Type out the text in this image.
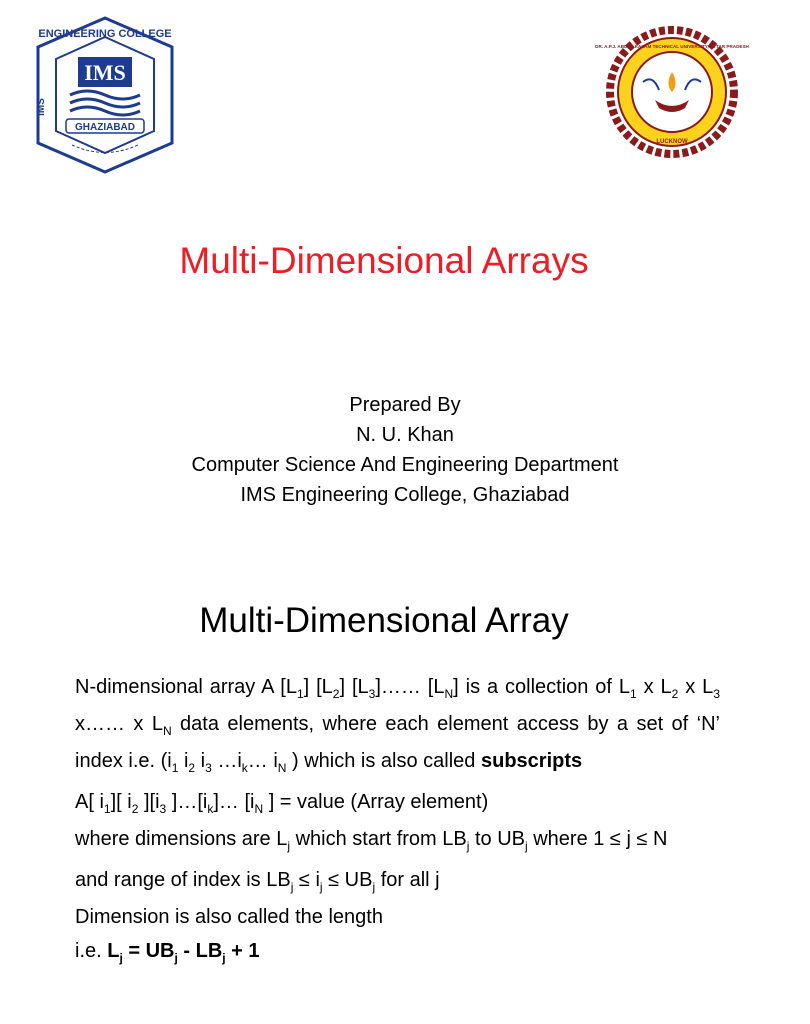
ENGINEERING COLLEGE
IMS
IMS
GHAZIABAD
DR. A.P.J. ABDUL KALAM TECHNICAL UNIVERSITY, UTTAR PRADESH
LUCKNOW
Multi-Dimensional Arrays
Prepared By
N. U. Khan
Computer Science And Engineering Department
IMS Engineering College, Ghaziabad
Multi-Dimensional Array

N-dimensional array A $[L_1]$ $[L_2]$ $[L_3]\dots\dots$ $[L_N]$ is a collection of $L_1$ x $L_2$ x $L_3$ x…… x $L_N$ data elements, where each element access by a set of ‘N’ index i.e. ($i_1$ $i_2$ $i_3$ $\dots i_k\dots$ $i_N$ ) which is also called subscripts

A[ $i_1$][ $i_2$ ][$i_3$ ]$\dots[i_k]\dots$ [$i_N$ ] = value (Array element)

where dimensions are $L_j$ which start from $LB_j$ to $UB_j$ where 1 ≤ j ≤ N

and range of index is $LB_j \le i_j \le UB_j$ for all j

Dimension is also called the length

i.e. $L_j = UB_j - LB_j + 1$
